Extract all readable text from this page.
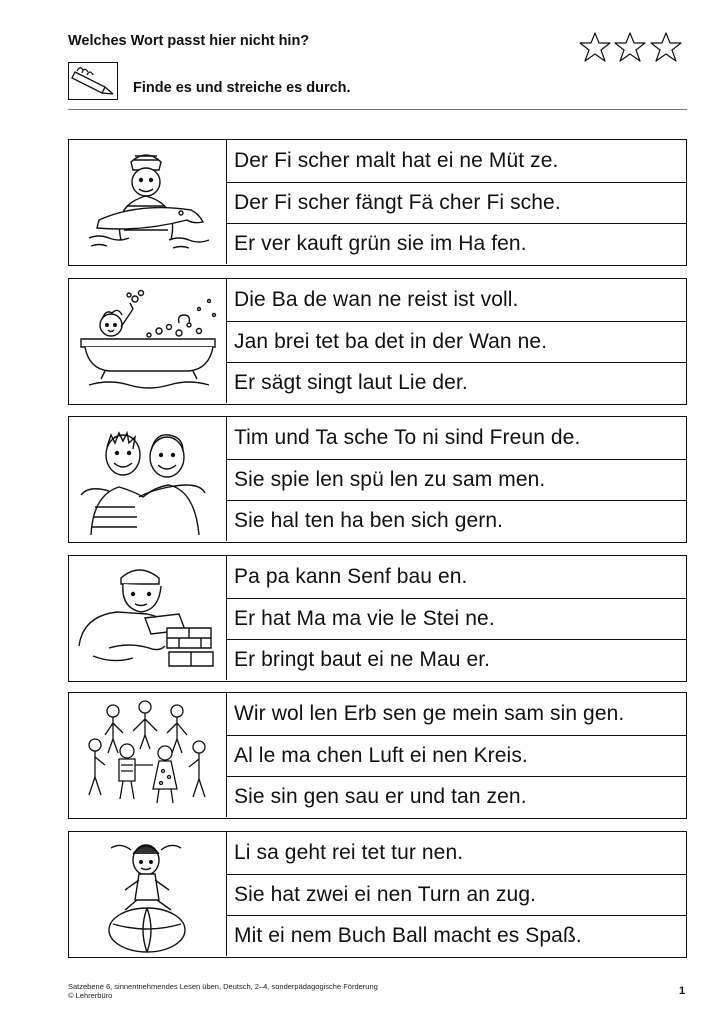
Welches Wort passt hier nicht hin?
Finde es und streiche es durch.
Der Fi scher malt hat ei ne Müt ze.
Der Fi scher fängt Fä cher Fi sche.
Er ver kauft grün sie im Ha fen.
Die Ba de wan ne reist ist voll.
Jan brei tet ba det in der Wan ne.
Er sägt singt laut Lie der.
Tim und Ta sche To ni sind Freun de.
Sie spie len spü len zu sam men.
Sie hal ten ha ben sich gern.
Pa pa kann Senf bau en.
Er hat Ma ma vie le Stei ne.
Er bringt baut ei ne Mau er.
Wir wol len Erb sen ge mein sam sin gen.
Al le ma chen Luft ei nen Kreis.
Sie sin gen sau er und tan zen.
Li sa geht rei tet tur nen.
Sie hat zwei ei nen Turn an zug.
Mit ei nem Buch Ball macht es Spaß.
Satzebene 6, sinnentnehmendes Lesen üben, Deutsch, 2–4, sonderpädagogische Förderung
© Lehrerbüro	1
